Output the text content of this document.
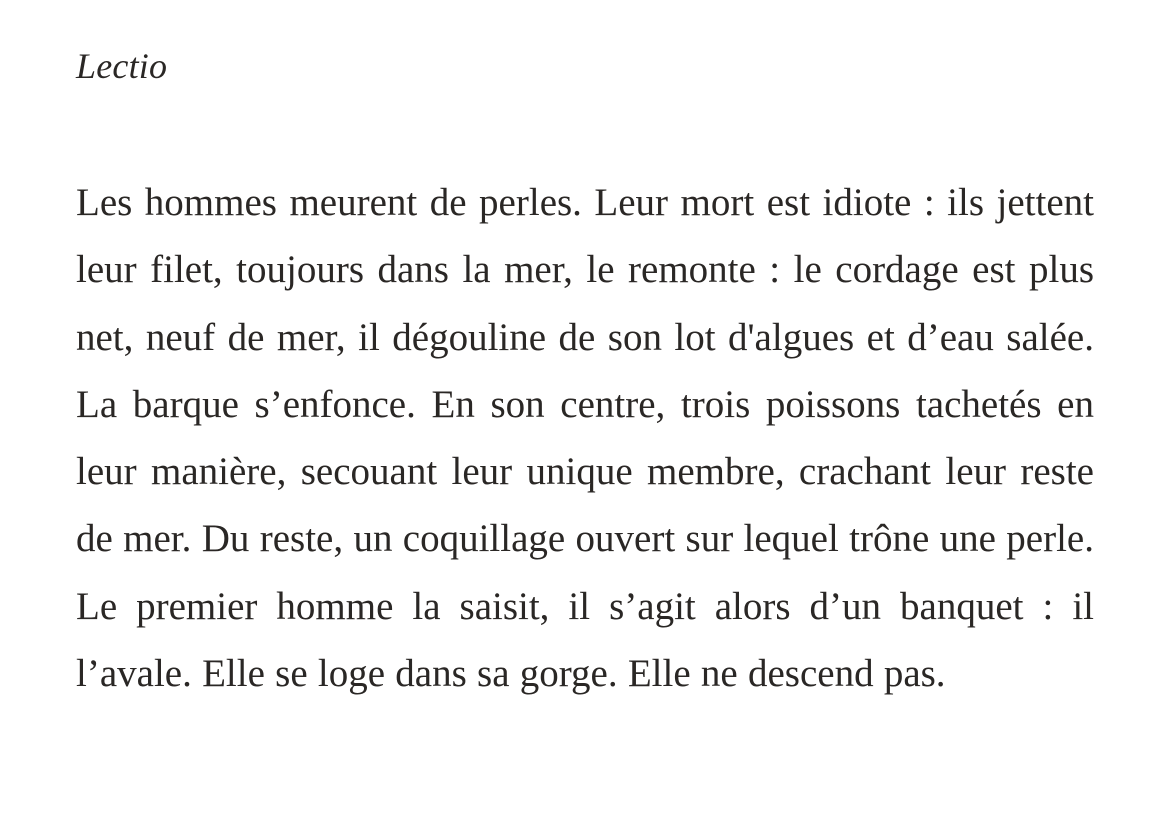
Lectio

Les hommes meurent de perles. Leur mort est idiote : ils jettent leur filet, toujours dans la mer, le remonte : le cordage est plus net, neuf de mer, il dégouline de son lot d'algues et d’eau salée. La barque s’enfonce. En son centre, trois poissons tachetés en leur manière, secouant leur unique membre, crachant leur reste de mer. Du reste, un coquillage ouvert sur lequel trône une perle. Le premier homme la saisit, il s’agit alors d’un banquet : il l’avale. Elle se loge dans sa gorge. Elle ne descend pas.
